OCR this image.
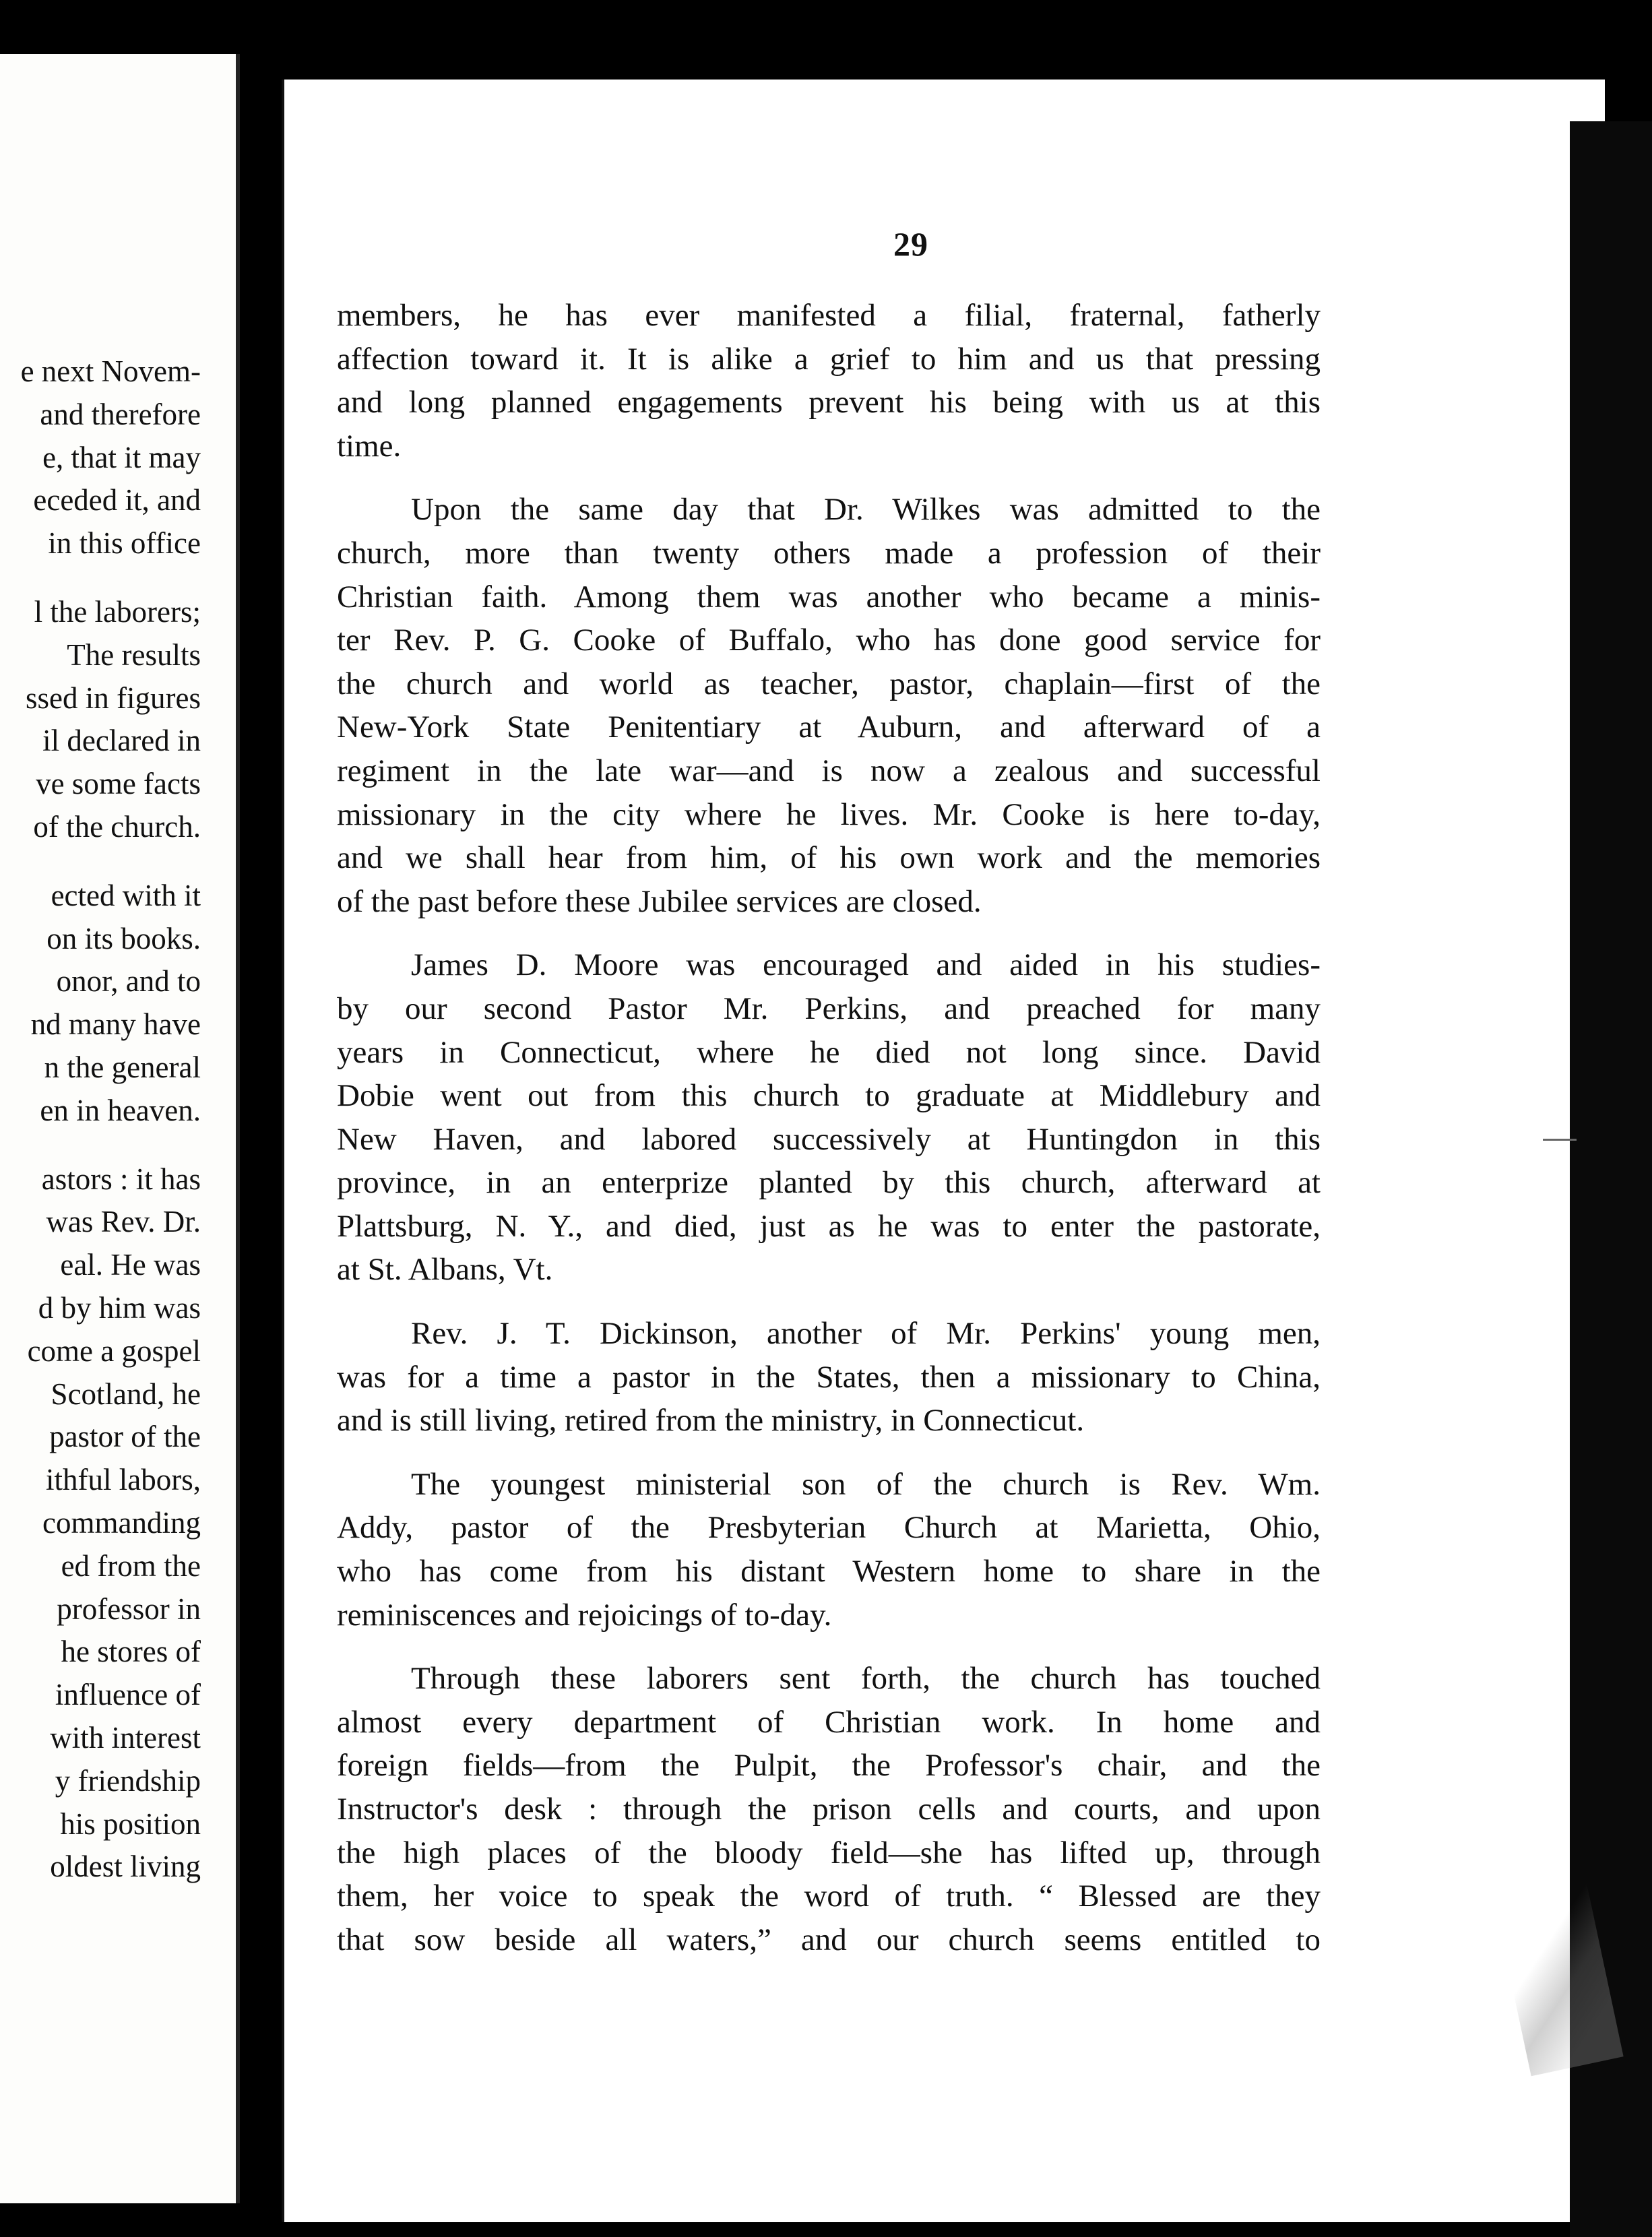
e next Novem-
and therefore
e, that it may
eceded it, and
in this office
l the laborers;
The results
ssed in figures
il declared in
ve some facts
of the church.
ected with it
on its books.
onor, and to
nd many have
n the general
en in heaven.
astors : it has
was Rev. Dr.
eal. He was
d by him was
come a gospel
Scotland, he
pastor of the
ithful labors,
commanding
ed from the
professor in
he stores of
influence of
with interest
y friendship
his position
oldest living
29
members, he has ever manifested a filial, fraternal, fatherly
affection toward it. It is alike a grief to him and us that pressing
and long planned engagements prevent his being with us at this
time.
Upon the same day that Dr. Wilkes was admitted to the
church, more than twenty others made a profession of their
Christian faith. Among them was another who became a minis-
ter Rev. P. G. Cooke of Buffalo, who has done good service for
the church and world as teacher, pastor, chaplain—first of the
New-York State Penitentiary at Auburn, and afterward of a
regiment in the late war—and is now a zealous and successful
missionary in the city where he lives. Mr. Cooke is here to-day,
and we shall hear from him, of his own work and the memories
of the past before these Jubilee services are closed.
James D. Moore was encouraged and aided in his studies-
by our second Pastor Mr. Perkins, and preached for many
years in Connecticut, where he died not long since. David
Dobie went out from this church to graduate at Middlebury and
New Haven, and labored successively at Huntingdon in this
province, in an enterprize planted by this church, afterward at
Plattsburg, N. Y., and died, just as he was to enter the pastorate,
at St. Albans, Vt.
Rev. J. T. Dickinson, another of Mr. Perkins' young men,
was for a time a pastor in the States, then a missionary to China,
and is still living, retired from the ministry, in Connecticut.
The youngest ministerial son of the church is Rev. Wm.
Addy, pastor of the Presbyterian Church at Marietta, Ohio,
who has come from his distant Western home to share in the
reminiscences and rejoicings of to-day.
Through these laborers sent forth, the church has touched
almost every department of Christian work. In home and
foreign fields—from the Pulpit, the Professor's chair, and the
Instructor's desk : through the prison cells and courts, and upon
the high places of the bloody field—she has lifted up, through
them, her voice to speak the word of truth. “ Blessed are they
that sow beside all waters,” and our church seems entitled to
